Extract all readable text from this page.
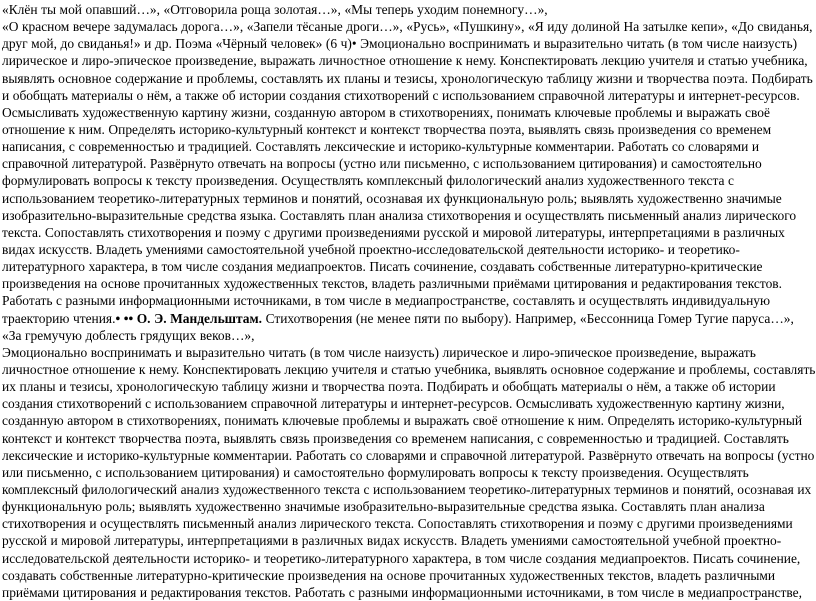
«Клён ты мой опавший…», «Отговорила роща золотая…», «Мы теперь уходим понемногу…»,
«О красном вечере задумалась дорога…», «Запели тёсаные дроги…», «Русь», «Пушкину», «Я иду долиной На затылке кепи», «До свиданья,
друг мой, до свиданья!» и др. Поэма «Чёрный человек» (6 ч)• Эмоционально воспринимать и выразительно читать (в том числе наизусть)
лирическое и лиро-эпическое произведение, выражать личностное отношение к нему. Конспектировать лекцию учителя и статью учебника,
выявлять основное содержание и проблемы, составлять их планы и тезисы, хронологическую таблицу жизни и творчества поэта. Подбирать
и обобщать материалы о нём, а также об истории создания стихотворений с использованием справочной литературы и интернет-ресурсов.
Осмысливать художественную картину жизни, созданную автором в стихотворениях, понимать ключевые проблемы и выражать своё
отношение к ним. Определять историко-культурный контекст и контекст творчества поэта, выявлять связь произведения со временем
написания, с современностью и традицией. Составлять лексические и историко-культурные комментарии. Работать со словарями и
справочной литературой. Развёрнуто отвечать на вопросы (устно или письменно, с использованием цитирования) и самостоятельно
формулировать вопросы к тексту произведения. Осуществлять комплексный филологический анализ художественного текста с
использованием теоретико-литературных терминов и понятий, осознавая их функциональную роль; выявлять художественно значимые
изобразительно-выразительные средства языка. Составлять план анализа стихотворения и осуществлять письменный анализ лирического
текста. Сопоставлять стихотворения и поэму с другими произведениями русской и мировой литературы, интерпретациями в различных
видах искусств. Владеть умениями самостоятельной учебной проектно-исследовательской деятельности историко- и теоретико-
литературного характера, в том числе создания медиапроектов. Писать сочинение, создавать собственные литературно-критические
произведения на основе прочитанных художественных текстов, владеть различными приёмами цитирования и редактирования текстов.
Работать с разными информационными источниками, в том числе в медиапространстве, составлять и осуществлять индивидуальную
траекторию чтения.• •• О. Э. Мандельштам. Стихотворения (не менее пяти по выбору). Например, «Бессонница Гомер Тугие паруса…»,
«За гремучую доблесть грядущих веков…»,
Эмоционально воспринимать и выразительно читать (в том числе наизусть) лирическое и лиро-эпическое произведение, выражать
личностное отношение к нему. Конспектировать лекцию учителя и статью учебника, выявлять основное содержание и проблемы, составлять
их планы и тезисы, хронологическую таблицу жизни и творчества поэта. Подбирать и обобщать материалы о нём, а также об истории
создания стихотворений с использованием справочной литературы и интернет-ресурсов. Осмысливать художественную картину жизни,
созданную автором в стихотворениях, понимать ключевые проблемы и выражать своё отношение к ним. Определять историко-культурный
контекст и контекст творчества поэта, выявлять связь произведения со временем написания, с современностью и традицией. Составлять
лексические и историко-культурные комментарии. Работать со словарями и справочной литературой. Развёрнуто отвечать на вопросы (устно
или письменно, с использованием цитирования) и самостоятельно формулировать вопросы к тексту произведения. Осуществлять
комплексный филологический анализ художественного текста с использованием теоретико-литературных терминов и понятий, осознавая их
функциональную роль; выявлять художественно значимые изобразительно-выразительные средства языка. Составлять план анализа
стихотворения и осуществлять письменный анализ лирического текста. Сопоставлять стихотворения и поэму с другими произведениями
русской и мировой литературы, интерпретациями в различных видах искусств. Владеть умениями самостоятельной учебной проектно-
исследовательской деятельности историко- и теоретико-литературного характера, в том числе создания медиапроектов. Писать сочинение,
создавать собственные литературно-критические произведения на основе прочитанных художественных текстов, владеть различными
приёмами цитирования и редактирования текстов. Работать с разными информационными источниками, в том числе в медиапространстве,
